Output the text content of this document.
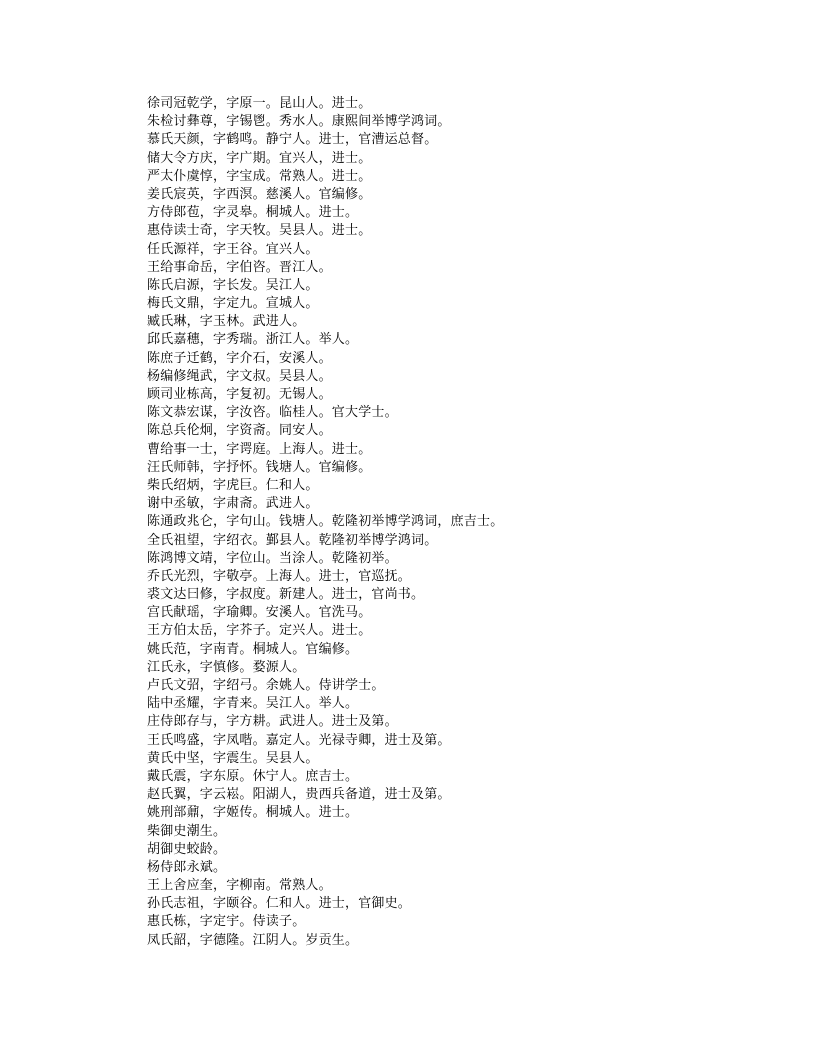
徐司冠乾学，字原一。昆山人。进士。
朱检讨彝尊，字锡鬯。秀水人。康熙间举博学鸿词。
慕氏天颜，字鹤鸣。静宁人。进士，官漕运总督。
储大令方庆，字广期。宜兴人，进士。
严太仆虞惇，字宝成。常熟人。进士。
姜氏宸英，字西溟。慈溪人。官编修。
方侍郎苞，字灵皋。桐城人。进士。
惠侍读士奇，字天牧。吴县人。进士。
任氏源祥，字王谷。宜兴人。
王给事命岳，字伯咨。晋江人。
陈氏启源，字长发。吴江人。
梅氏文鼎，字定九。宣城人。
臧氏琳，字玉林。武进人。
邱氏嘉穗，字秀瑞。浙江人。举人。
陈庶子迁鹤，字介石，安溪人。
杨编修绳武，字文叔。吴县人。
顾司业栋高，字复初。无锡人。
陈文恭宏谋，字汝咨。临桂人。官大学士。
陈总兵伦炯，字资斋。同安人。
曹给事一士，字谔庭。上海人。进士。
汪氏师韩，字抒怀。钱塘人。官编修。
柴氏绍炳，字虎巨。仁和人。
谢中丞敏，字肃斋。武进人。
陈通政兆仑，字句山。钱塘人。乾隆初举博学鸿词，庶吉士。
全氏祖望，字绍衣。鄞县人。乾隆初举博学鸿词。
陈鸿博文靖，字位山。当涂人。乾隆初举。
乔氏光烈，字敬亭。上海人。进士，官巡抚。
裘文达曰修，字叔度。新建人。进士，官尚书。
宫氏献瑶，字瑜卿。安溪人。官洗马。
王方伯太岳，字芥子。定兴人。进士。
姚氏范，字南青。桐城人。官编修。
江氏永，字慎修。婺源人。
卢氏文弨，字绍弓。余姚人。侍讲学士。
陆中丞耀，字青来。吴江人。举人。
庄侍郎存与，字方耕。武进人。进士及第。
王氏鸣盛，字凤喈。嘉定人。光禄寺卿，进士及第。
黄氏中坚，字震生。吴县人。
戴氏震，字东原。休宁人。庶吉士。
赵氏翼，字云崧。阳湖人，贵西兵备道，进士及第。
姚刑部鼐，字姬传。桐城人。进士。
柴御史潮生。
胡御史蛟龄。
杨侍郎永斌。
王上舍应奎，字柳南。常熟人。
孙氏志祖，字颐谷。仁和人。进士，官御史。
惠氏栋，字定宇。侍读子。
凤氏韶，字德隆。江阴人。岁贡生。
